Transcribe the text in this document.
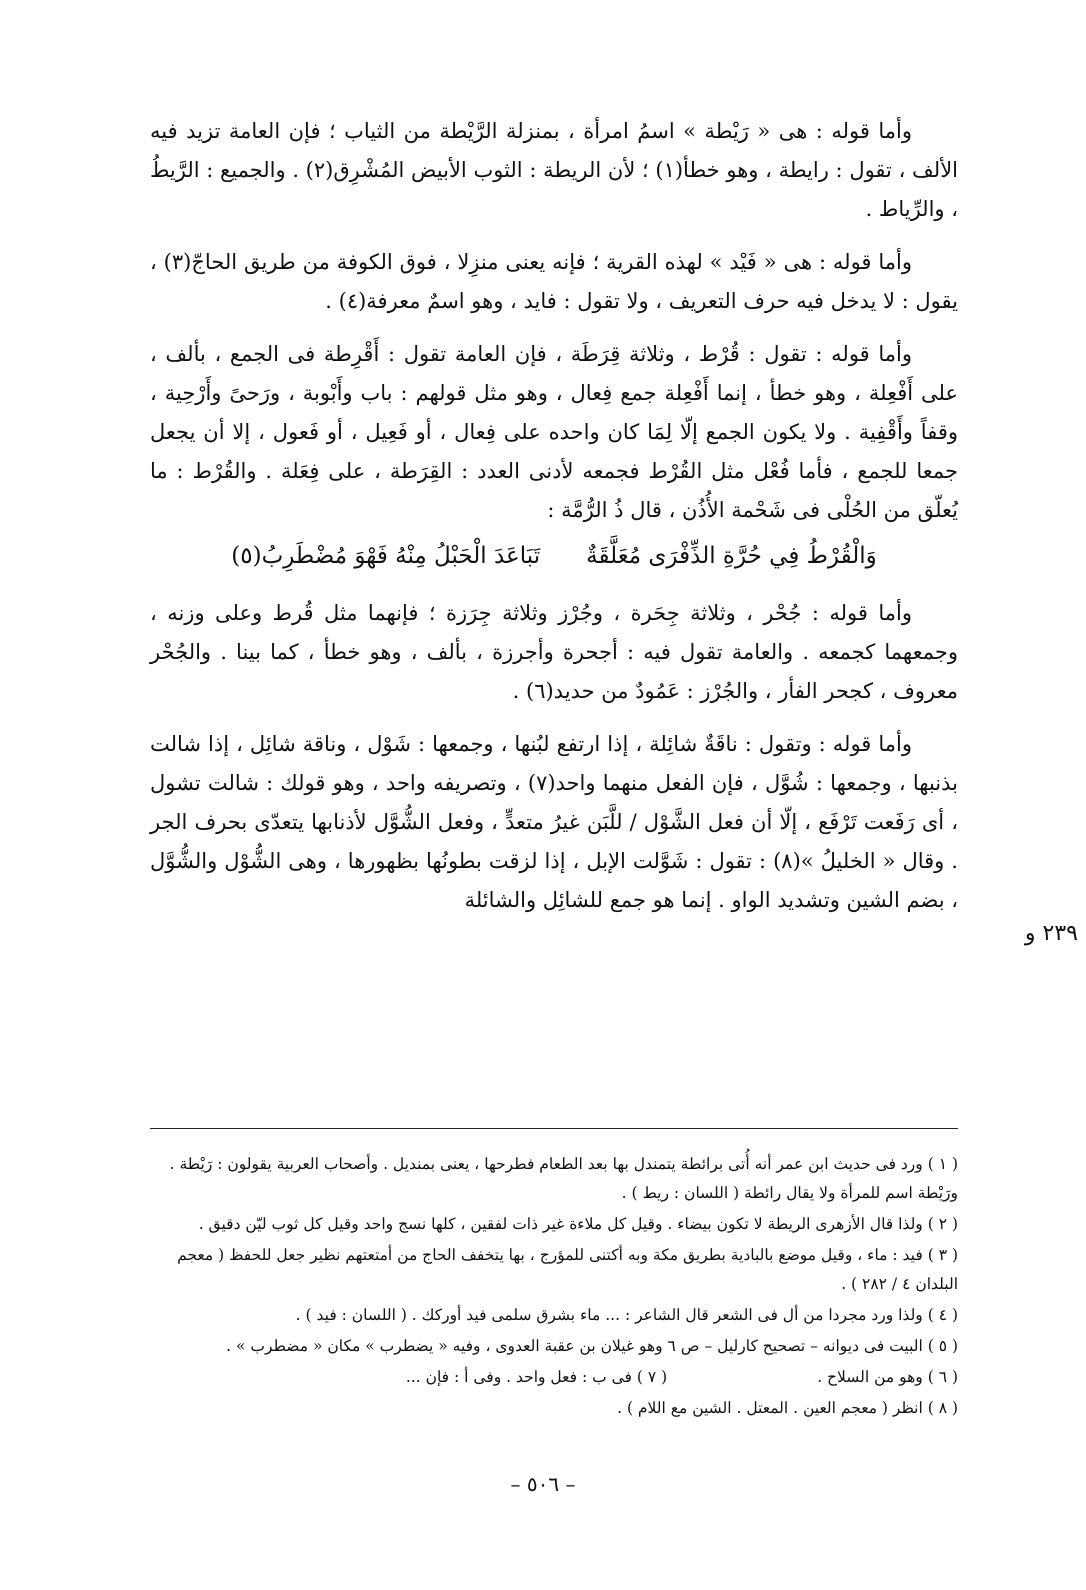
وأما قوله : هى « رَيْطة » اسمُ امرأة ، بمنزلة الرَّيْطة من الثياب ؛ فإن العامة تزيد فيه الألف ، تقول : رايطة ، وهو خطأ(١) ؛ لأن الريطة : الثوب الأبيض المُشْرِق(٢) . والجميع : الرَّيطُ ، والرِّياط .

وأما قوله : هى « فَيْد » لهذه القرية ؛ فإنه يعنى منزِلا ، فوق الكوفة من طريق الحاجّ(٣) ، يقول : لا يدخل فيه حرف التعريف ، ولا تقول : فايد ، وهو اسمٌ معرفة(٤) .

وأما قوله : تقول : قُرْط ، وثلاثة قِرَطَة ، فإن العامة تقول : أَقْرِطة فى الجمع ، بألف ، على أَفْعِلة ، وهو خطأ ، إنما أَفْعِلة جمع فِعال ، وهو مثل قولهم : باب وأَبْوبة ، ورَحىً وأَرْحِية ، وقفاً وأَقْفِية . ولا يكون الجمع إلّا لِمَا كان واحده على فِعال ، أو فَعِيل ، أو فَعول ، إلا أن يجعل جمعا للجمع ، فأما فُعْل مثل القُرْط فجمعه لأدنى العدد : القِرَطة ، على فِعَلة . والقُرْط : ما يُعلّق من الحُلْى فى شَحْمة الأُذُن ، قال ذُ الرُّمَّة :

وَالْقُرْطُ فِي حُرَّةِ الذِّفْرَى مُعَلَّقَةٌ
تَبَاعَدَ الْحَبْلُ مِنْهُ فَهْوَ مُضْطَرِبُ(٥)

وأما قوله : جُحْر ، وثلاثة جِحَرة ، وجُرْز وثلاثة جِرَزة ؛ فإنهما مثل قُرط وعلى وزنه ، وجمعهما كجمعه . والعامة تقول فيه : أجحرة وأجرزة ، بألف ، وهو خطأ ، كما بينا . والجُحْر معروف ، كجحر الفأر ، والجُرْز : عَمُودٌ من حديد(٦) .

وأما قوله : وتقول : ناقَةٌ شائِلة ، إذا ارتفع لبُنها ، وجمعها : شَوْل ، وناقة شائِل ، إذا شالت بذنبها ، وجمعها : شُوَّل ، فإن الفعل منهما واحد(٧) ، وتصريفه واحد ، وهو قولك : شالت تشول ، أى رَفَعت تَرْفَع ، إلّا أن فعل الشَّوْل / للَّبَن غيرُ متعدٍّ ، وفعل الشُّوَّل لأذنابها يتعدّى بحرف الجر . وقال « الخليلُ »(٨) : تقول : شَوَّلت الإبل ، إذا لزقت بطونُها بظهورها ، وهى الشُّوْل والشُّوَّل ، بضم الشين وتشديد الواو . إنما هو جمع للشائِل والشائلة

٢٣٩ و

( ١ ) ورد فى حديث ابن عمر أنه أُتى برائطة يتمندل بها بعد الطعام فطرحها ، يعنى بمنديل . وأصحاب العربية يقولون : رَيْطة . ورَيْطة اسم للمرأة ولا يقال رائطة ( اللسان : ريط ) .

( ٢ ) ولذا قال الأزهرى الريطة لا تكون بيضاء . وقيل كل ملاءة غير ذات لفقين ، كلها نسج واحد وقيل كل ثوب ليّن دقيق .

( ٣ ) فيد : ماء ، وقيل موضع بالبادية بطريق مكة وبه أكتنى للمؤرج ، بها يتخفف الحاج من أمتعتهم نظير جعل للحفظ ( معجم البلدان ٤ / ٢٨٢ ) .

( ٤ ) ولذا ورد مجردا من أل فى الشعر قال الشاعر : ... ماء بشرق سلمى فيد أوركك . ( اللسان : فيد ) .

( ٥ ) البيت فى ديوانه – تصحيح كارليل – ص ٦ وهو غيلان بن عقبة العدوى ، وفيه « يضطرب » مكان « مضطرب » .

( ٦ ) وهو من السلاح .
( ٧ ) فى ب : فعل واحد . وفى أ : فإن ...

( ٨ ) انظر ( معجم العين . المعتل . الشين مع اللام ) .

– ٥٠٦ –
